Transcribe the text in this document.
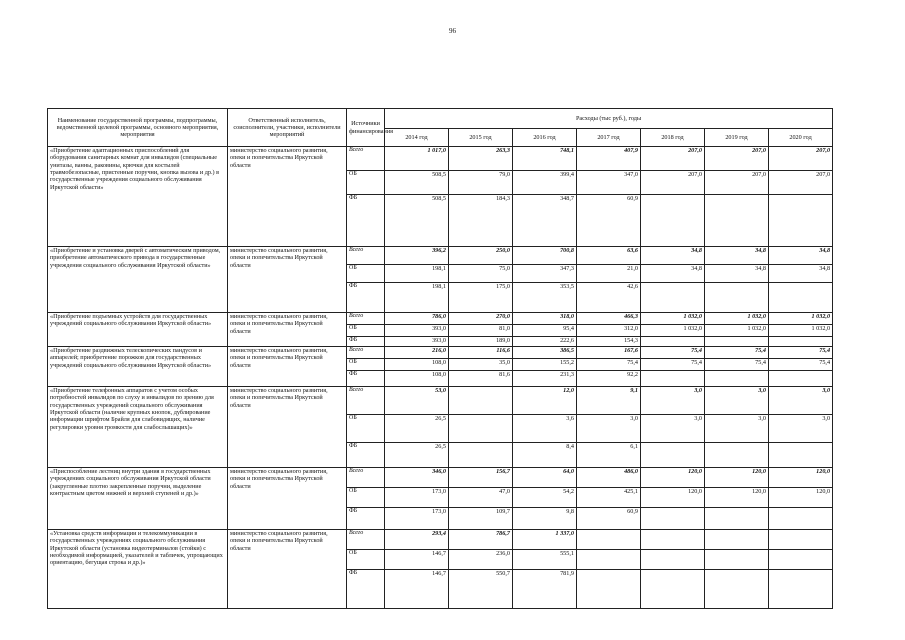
96
Наименование государственной программы, подпрограммы, ведомственной целевой программы, основного мероприятия, мероприятия	Ответственный исполнитель, соисполнители, участники, исполнители мероприятий	Источники финансирования	Расходы (тыс руб.), годы						
			2014 год	2015 год	2016 год	2017 год	2018 год	2019 год	2020 год
«Приобретение адаптационных приспособлений для оборудования санитарных комнат для инвалидов (специальные унитазы, ванны, раковины, крючки для костылей травмобезопасные, пристенные поручни, кнопка вызова и др.) в государственные учреждения социального обслуживания Иркутской области»	министерство социального развития, опеки и попечительства Иркутской области	Всего	1 017,0	263,3	748,1	407,9	207,0	207,0	207,0
		ОБ	508,5	79,0	399,4	347,0	207,0	207,0	207,0
		ФБ	508,5	184,3	348,7	60,9			
«Приобретение и установка дверей с автоматическим приводом, приобретение автоматического привода в государственные учреждения социального обслуживания Иркутской области»	министерство социального развития, опеки и попечительства Иркутской области	Всего	396,2	250,0	700,8	63,6	34,8	34,8	34,8
		ОБ	198,1	75,0	347,3	21,0	34,8	34,8	34,8
		ФБ	198,1	175,0	353,5	42,6			
«Приобретение подъемных устройств для государственных учреждений социального обслуживания Иркутской области»	министерство социального развития, опеки и попечительства Иркутской области	Всего	786,0	270,0	318,0	466,3	1 032,0	1 032,0	1 032,0
		ОБ	393,0	81,0	95,4	312,0	1 032,0	1 032,0	1 032,0
		ФБ	393,0	189,0	222,6	154,3			
«Приобретение раздвижных телескопических пандусов и аппарелей; приобретение порожков для государственных учреждений социального обслуживания Иркутской области»	министерство социального развития, опеки и попечительства Иркутской области	Всего	216,0	116,6	386,5	167,6	75,4	75,4	75,4
		ОБ	108,0	35,0	155,2	75,4	75,4	75,4	75,4
		ФБ	108,0	81,6	231,3	92,2			
«Приобретение телефонных аппаратов с учетом особых потребностей инвалидов по слуху и инвалидов по зрению для государственных учреждений социального обслуживания Иркутской области (наличие крупных кнопок, дублирование информации шрифтом Брайля для слабовидящих, наличие регулировки уровня громкости для слабослышащих)»	министерство социального развития, опеки и попечительства Иркутской области	Всего	53,0		12,0	9,1	3,0	3,0	3,0
		ОБ	26,5		3,6	3,0	3,0	3,0	3,0
		ФБ	26,5		8,4	6,1			
«Приспособление лестниц внутри здания в государственных учреждениях социального обслуживания Иркутской области (закругленные плотно закрепленные поручни, выделение контрастным цветом нижней и верхней ступеней и др.)»	министерство социального развития, опеки и попечительства Иркутской области	Всего	346,0	156,7	64,0	486,0	120,0	120,0	120,0
		ОБ	173,0	47,0	54,2	425,1	120,0	120,0	120,0
		ФБ	173,0	109,7	9,8	60,9			
«Установка средств информации и телекоммуникации в государственных учреждениях социального обслуживания Иркутской области (установка видеотерминалов (стойки) с необходимой информацией, указателей и табличек, упрощающих ориентацию, бегущая строка и др.)»	министерство социального развития, опеки и попечительства Иркутской области	Всего	293,4	786,7	1 337,0				
		ОБ	146,7	236,0	555,1				
		ФБ	146,7	550,7	781,9				
